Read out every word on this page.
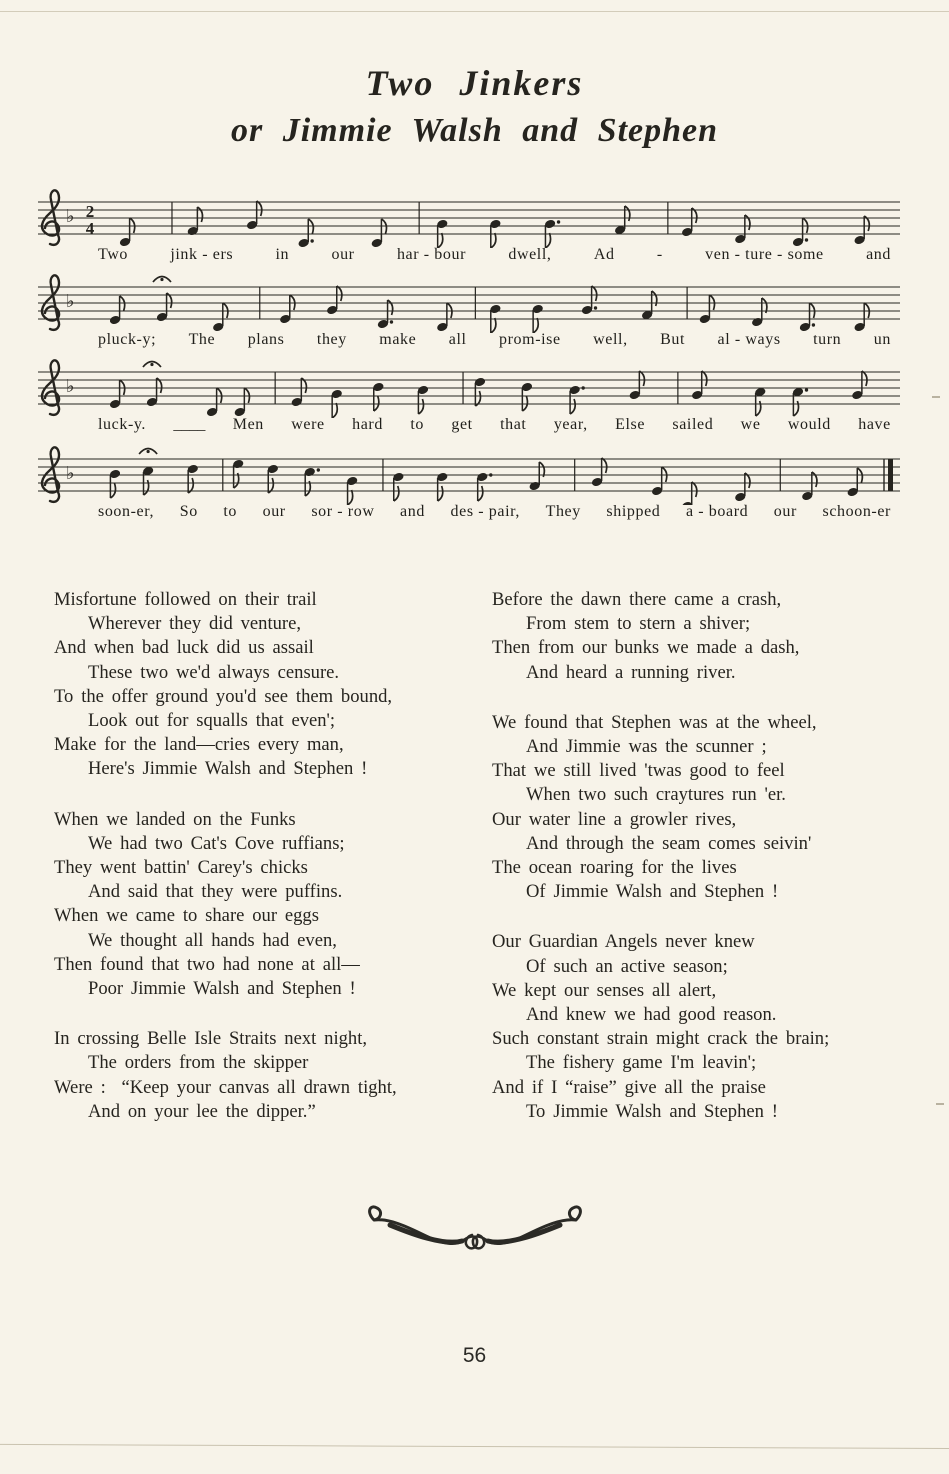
Two Jinkers
or Jimmie Walsh and Stephen
♭ 2
4
Two	jink - ers	in	our	har - bour	dwell,	Ad	-	ven - ture - some	and
♭
pluck-y; The plans they make all prom-ise well, But al - ways turn un
♭
luck-y. ____ Men were hard to get that year, Else sailed we would have
♭
soon-er, So to our sor - row and des - pair, They shipped a - board our schoon-er
Misfortune followed on their trail
Wherever they did venture,
And when bad luck did us assail
These two we'd always censure.
To the offer ground you'd see them bound,
Look out for squalls that even';
Make for the land—cries every man,
Here's Jimmie Walsh and Stephen !
When we landed on the Funks
We had two Cat's Cove ruffians;
They went battin' Carey's chicks
And said that they were puffins.
When we came to share our eggs
We thought all hands had even,
Then found that two had none at all—
Poor Jimmie Walsh and Stephen !
In crossing Belle Isle Straits next night,
The orders from the skipper
Were :  “Keep your canvas all drawn tight,
And on your lee the dipper.”
Before the dawn there came a crash,
From stem to stern a shiver;
Then from our bunks we made a dash,
And heard a running river.
We found that Stephen was at the wheel,
And Jimmie was the scunner ;
That we still lived 'twas good to feel
When two such craytures run 'er.
Our water line a growler rives,
And through the seam comes seivin'
The ocean roaring for the lives
Of Jimmie Walsh and Stephen !
Our Guardian Angels never knew
Of such an active season;
We kept our senses all alert,
And knew we had good reason.
Such constant strain might crack the brain;
The fishery game I'm leavin';
And if I “raise” give all the praise
To Jimmie Walsh and Stephen !
56
